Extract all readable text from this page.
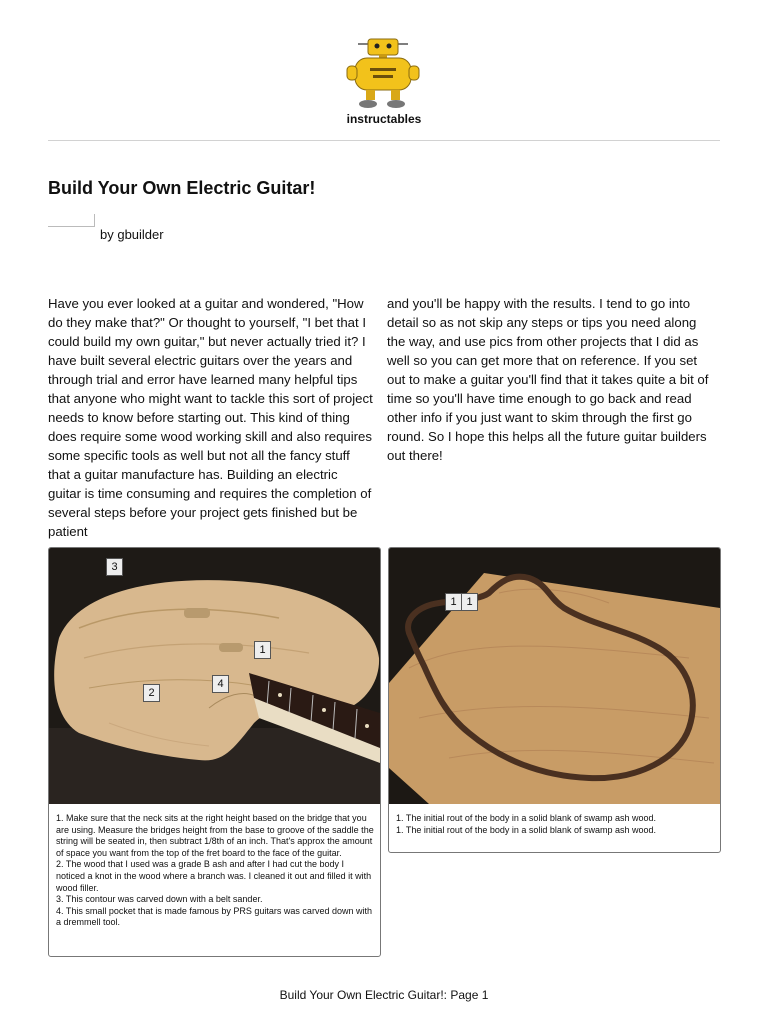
instructables
Build Your Own Electric Guitar!
by gbuilder

Have you ever looked at a guitar and wondered, "How do they make that?" Or thought to yourself, "I bet that I could build my own guitar," but never actually tried it? I have built several electric guitars over the years and through trial and error have learned many helpful tips that anyone who might want to tackle this sort of project needs to know before starting out. This kind of thing does require some wood working skill and also requires some specific tools as well but not all the fancy stuff that a guitar manufacture has. Building an electric guitar is time consuming and requires the completion of several steps before your project gets finished but be patient

and you'll be happy with the results. I tend to go into detail so as not skip any steps or tips you need along the way, and use pics from other projects that I did as well so you can get more that on reference. If you set out to make a guitar you'll find that it takes quite a bit of time so you'll have time enough to go back and read other info if you just want to skim through the first go round. So I hope this helps all the future guitar builders out there!

3
1
4
2

1. Make sure that the neck sits at the right height based on the bridge that you are using. Measure the bridges height from the base to groove of the saddle the string will be seated in, then subtract 1/8th of an inch. That's approx the amount of space you want from the top of the fret board to the face of the guitar.

2. The wood that I used was a grade B ash and after I had cut the body I noticed a knot in the wood where a branch was. I cleaned it out and filled it with wood filler.

3. This contour was carved down with a belt sander.

4. This small pocket that is made famous by PRS guitars was carved down with a dremmell tool.

1 1

1. The initial rout of the body in a solid blank of swamp ash wood.

1. The initial rout of the body in a solid blank of swamp ash wood.

Build Your Own Electric Guitar!: Page 1
